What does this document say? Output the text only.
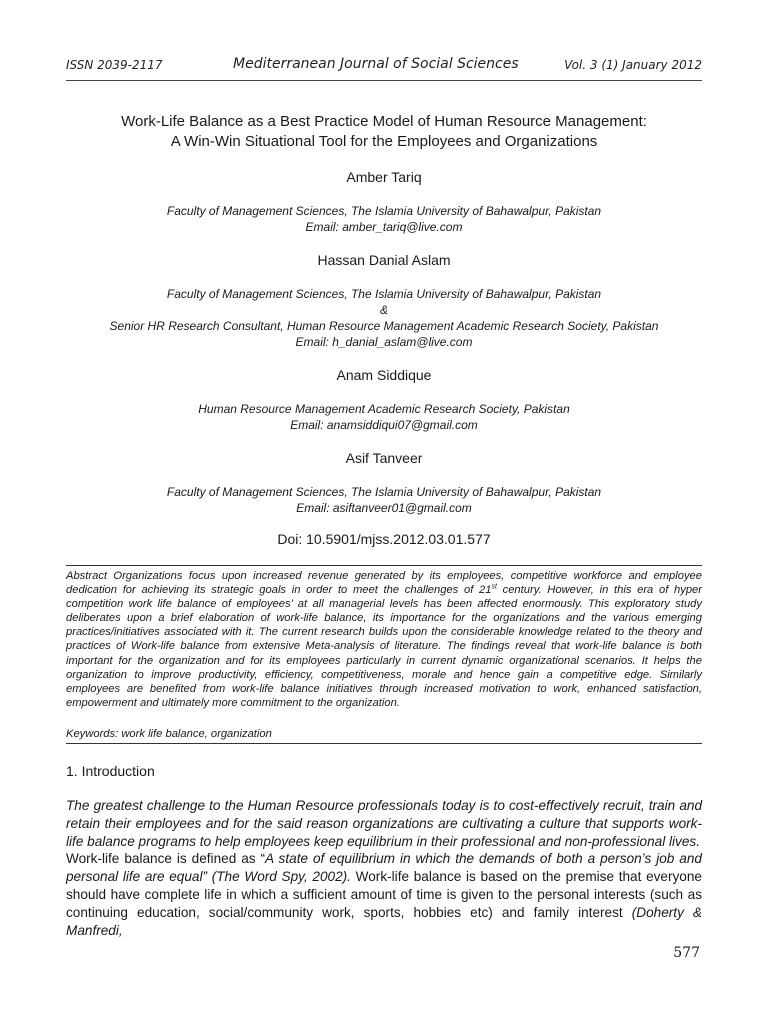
ISSN 2039-2117	Mediterranean Journal of Social Sciences	Vol. 3 (1) January 2012
Work-Life Balance as a Best Practice Model of Human Resource Management:
A Win-Win Situational Tool for the Employees and Organizations
Amber Tariq
Faculty of Management Sciences, The Islamia University of Bahawalpur, Pakistan
Email: amber_tariq@live.com
Hassan Danial Aslam
Faculty of Management Sciences, The Islamia University of Bahawalpur, Pakistan
&
Senior HR Research Consultant, Human Resource Management Academic Research Society, Pakistan
Email: h_danial_aslam@live.com
Anam Siddique
Human Resource Management Academic Research Society, Pakistan
Email: anamsiddiqui07@gmail.com
Asif Tanveer
Faculty of Management Sciences, The Islamia University of Bahawalpur, Pakistan
Email: asiftanveer01@gmail.com
Doi: 10.5901/mjss.2012.03.01.577
Abstract Organizations focus upon increased revenue generated by its employees, competitive workforce and employee dedication for achieving its strategic goals in order to meet the challenges of 21st century. However, in this era of hyper competition work life balance of employees’ at all managerial levels has been affected enormously. This exploratory study deliberates upon a brief elaboration of work-life balance, its importance for the organizations and the various emerging practices/initiatives associated with it. The current research builds upon the considerable knowledge related to the theory and practices of Work-life balance from extensive Meta-analysis of literature. The findings reveal that work-life balance is both important for the organization and for its employees particularly in current dynamic organizational scenarios. It helps the organization to improve productivity, efficiency, competitiveness, morale and hence gain a competitive edge. Similarly employees are benefited from work-life balance initiatives through increased motivation to work, enhanced satisfaction, empowerment and ultimately more commitment to the organization.
Keywords: work life balance, organization
1. Introduction

The greatest challenge to the Human Resource professionals today is to cost-effectively recruit, train and retain their employees and for the said reason organizations are cultivating a culture that supports work-life balance programs to help employees keep equilibrium in their professional and non-professional lives.

Work-life balance is defined as “A state of equilibrium in which the demands of both a person’s job and personal life are equal” (The Word Spy, 2002). Work-life balance is based on the premise that everyone should have complete life in which a sufficient amount of time is given to the personal interests (such as continuing education, social/community work, sports, hobbies etc) and family interest (Doherty & Manfredi,

577
